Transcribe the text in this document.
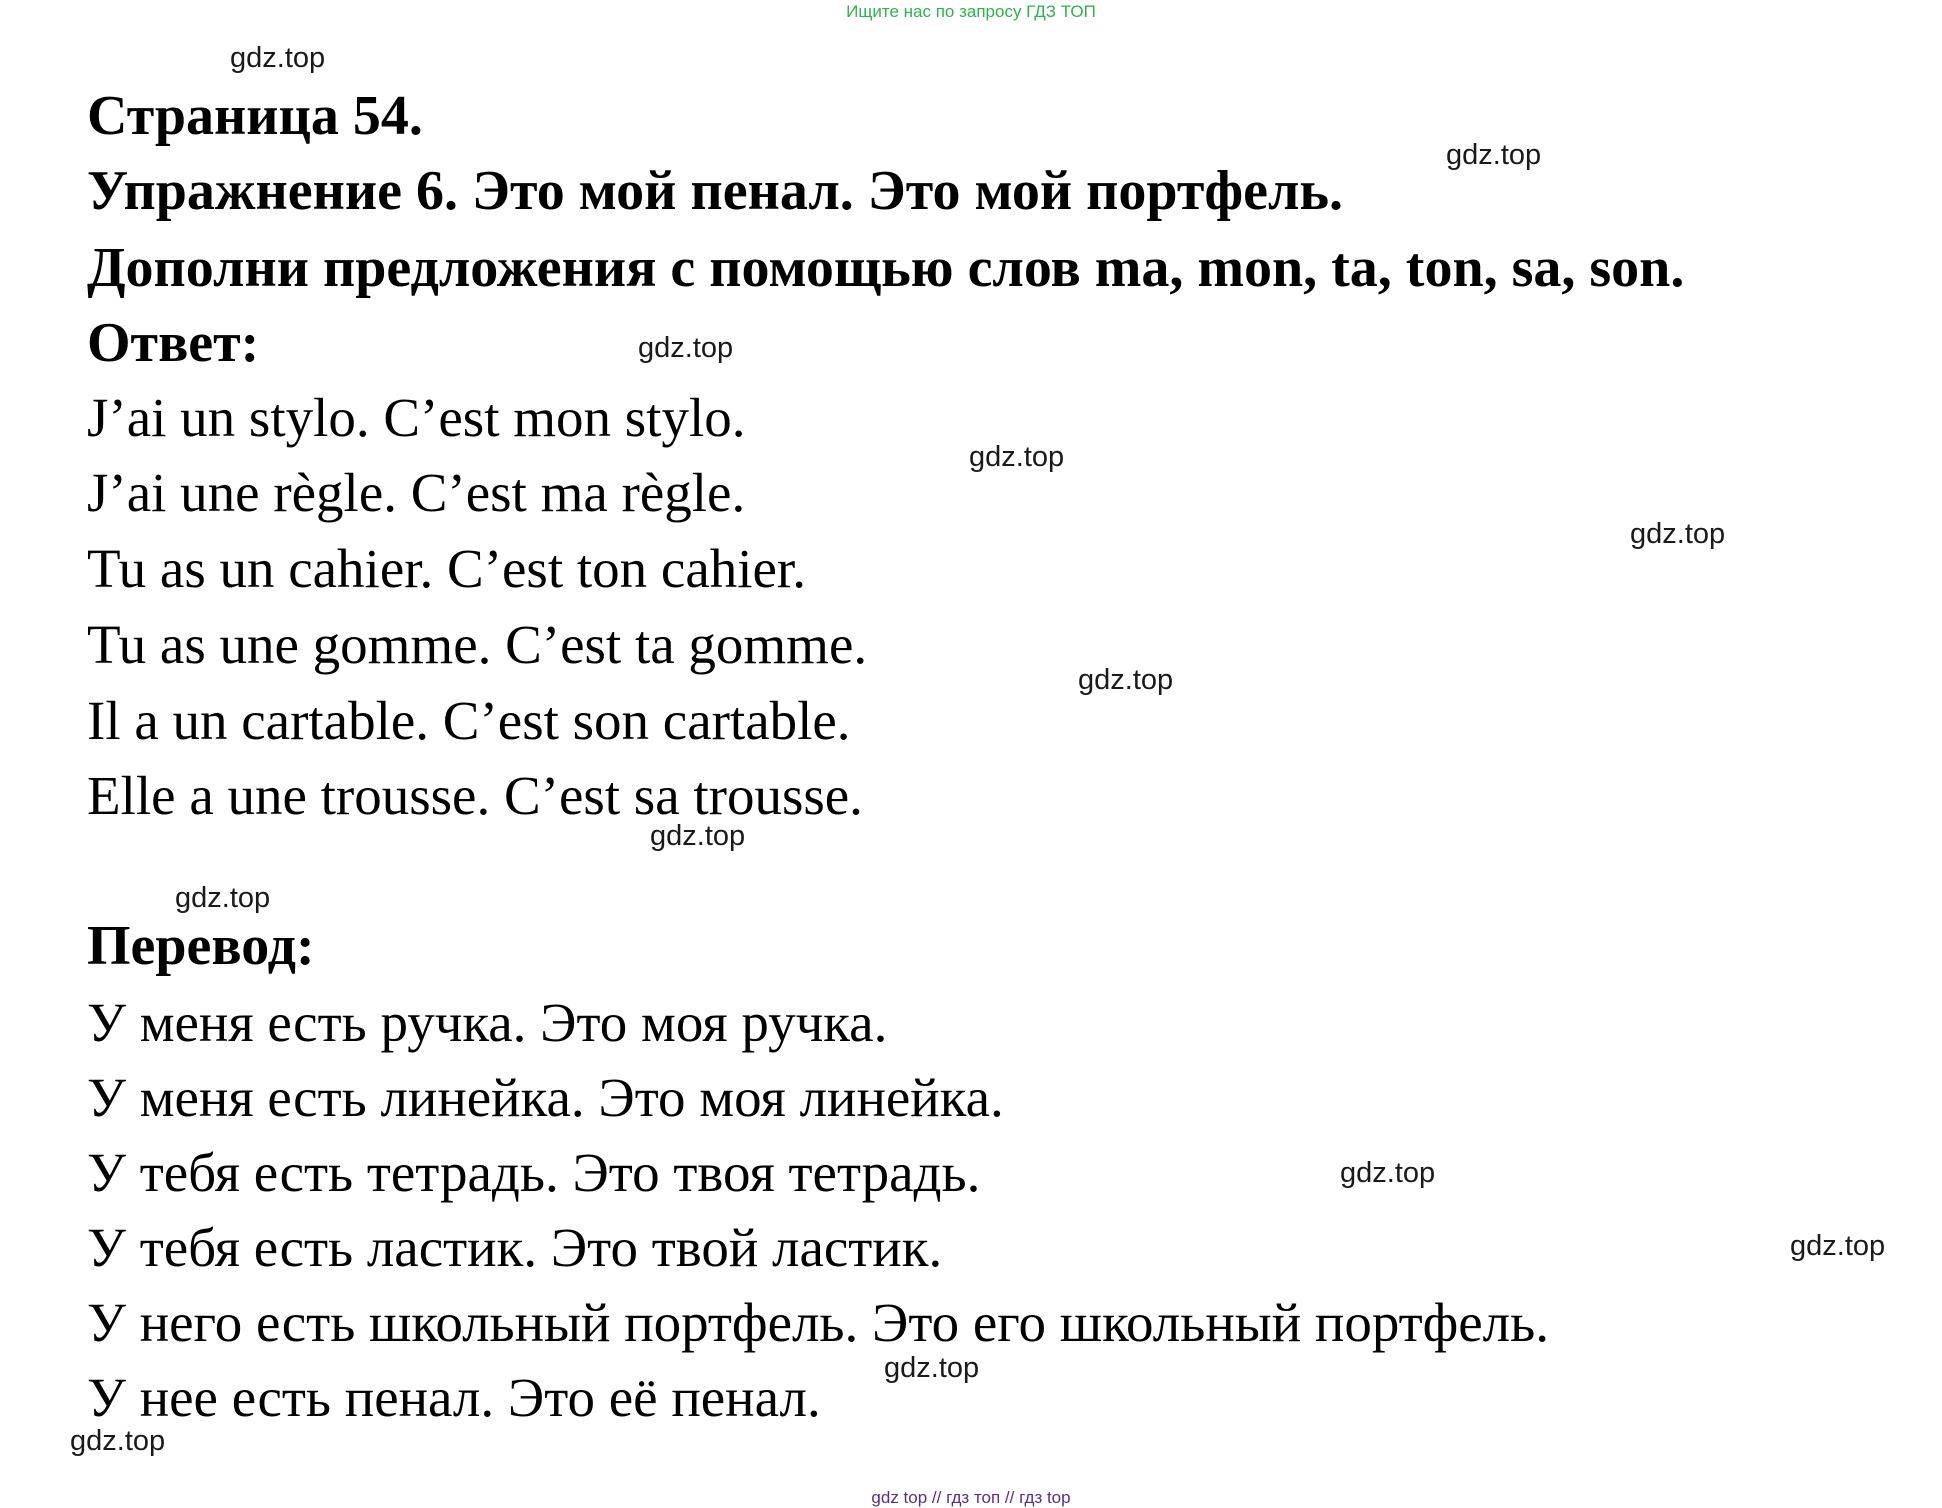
Ищите нас по запросу ГДЗ ТОП
gdz.top
gdz.top
gdz.top
gdz.top
gdz.top
gdz.top
gdz.top
gdz.top
gdz.top
gdz.top
gdz.top
gdz.top
Страница 54.
Упражнение 6. Это мой пенал. Это мой портфель.
Дополни предложения с помощью слов ma, mon, ta, ton, sa, son.
Ответ:
J’ai un stylo. C’est mon stylo.
J’ai une règle. C’est ma règle.
Tu as un cahier. C’est ton cahier.
Tu as une gomme. C’est ta gomme.
Il a un cartable. C’est son cartable.
Elle a une trousse. C’est sa trousse.
Перевод:
У меня есть ручка. Это моя ручка.
У меня есть линейка. Это моя линейка.
У тебя есть тетрадь. Это твоя тетрадь.
У тебя есть ластик. Это твой ластик.
У него есть школьный портфель. Это его школьный портфель.
У нее есть пенал. Это её пенал.
gdz top // гдз топ // гдз top
